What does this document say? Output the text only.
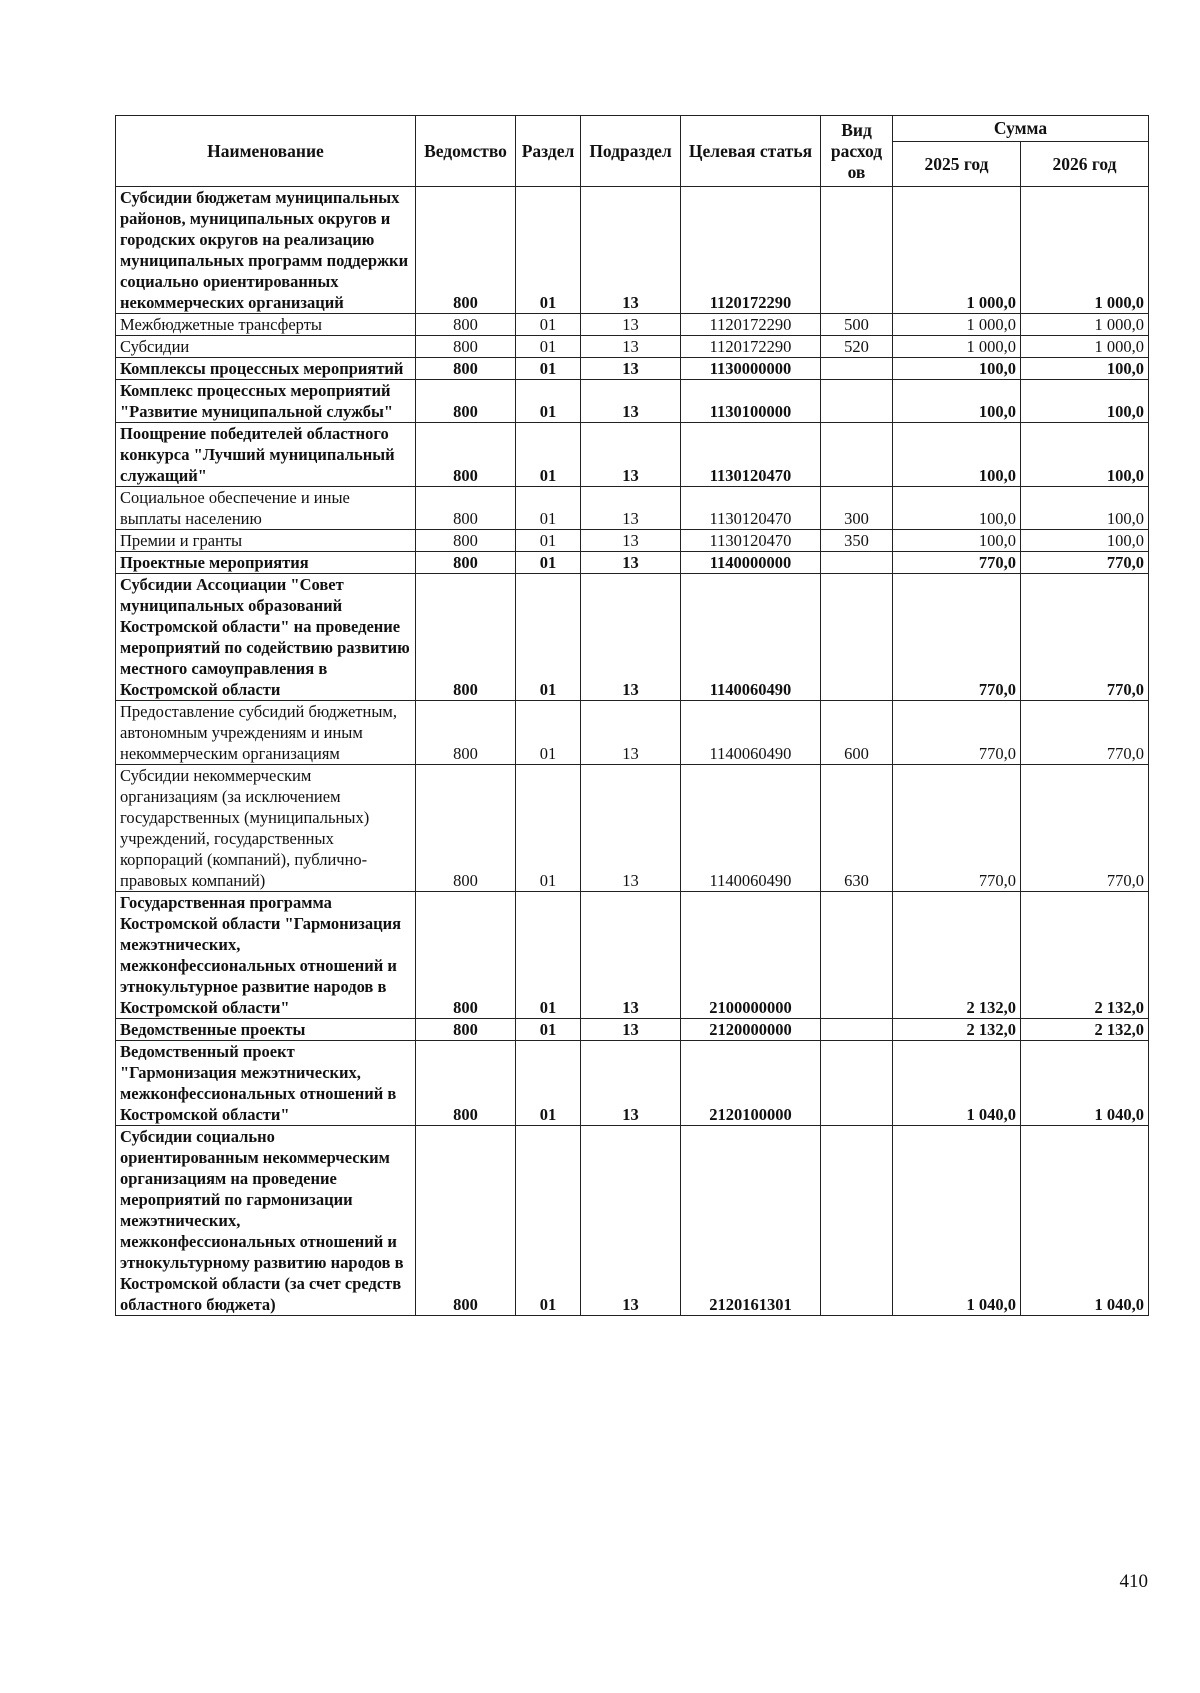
Наименование	Ведомство	Раздел	Подраздел	Целевая статья	Вид расход ов	Сумма	
						2025 год	2026 год
Субсидии бюджетам муниципальных районов, муниципальных округов и городских округов на реализацию муниципальных программ поддержки социально ориентированных некоммерческих организаций	800	01	13	1120172290		1 000,0	1 000,0
Межбюджетные трансферты	800	01	13	1120172290	500	1 000,0	1 000,0
Субсидии	800	01	13	1120172290	520	1 000,0	1 000,0
Комплексы процессных мероприятий	800	01	13	1130000000		100,0	100,0
Комплекс процессных мероприятий "Развитие муниципальной службы"	800	01	13	1130100000		100,0	100,0
Поощрение победителей областного конкурса "Лучший муниципальный служащий"	800	01	13	1130120470		100,0	100,0
Социальное обеспечение и иные выплаты населению	800	01	13	1130120470	300	100,0	100,0
Премии и гранты	800	01	13	1130120470	350	100,0	100,0
Проектные мероприятия	800	01	13	1140000000		770,0	770,0
Субсидии Ассоциации "Совет муниципальных образований Костромской области" на проведение мероприятий по содействию развитию местного самоуправления в Костромской области	800	01	13	1140060490		770,0	770,0
Предоставление субсидий бюджетным, автономным учреждениям и иным некоммерческим организациям	800	01	13	1140060490	600	770,0	770,0
Субсидии некоммерческим организациям (за исключением государственных (муниципальных) учреждений, государственных корпораций (компаний), публично-правовых компаний)	800	01	13	1140060490	630	770,0	770,0
Государственная программа Костромской области "Гармонизация межэтнических, межконфессиональных отношений и этнокультурное развитие народов в Костромской области"	800	01	13	2100000000		2 132,0	2 132,0
Ведомственные проекты	800	01	13	2120000000		2 132,0	2 132,0
Ведомственный проект "Гармонизация межэтнических, межконфессиональных отношений в Костромской области"	800	01	13	2120100000		1 040,0	1 040,0
Субсидии социально ориентированным некоммерческим организациям на проведение мероприятий по гармонизации межэтнических, межконфессиональных отношений и этнокультурному развитию народов в Костромской области (за счет средств областного бюджета)	800	01	13	2120161301		1 040,0	1 040,0
410
